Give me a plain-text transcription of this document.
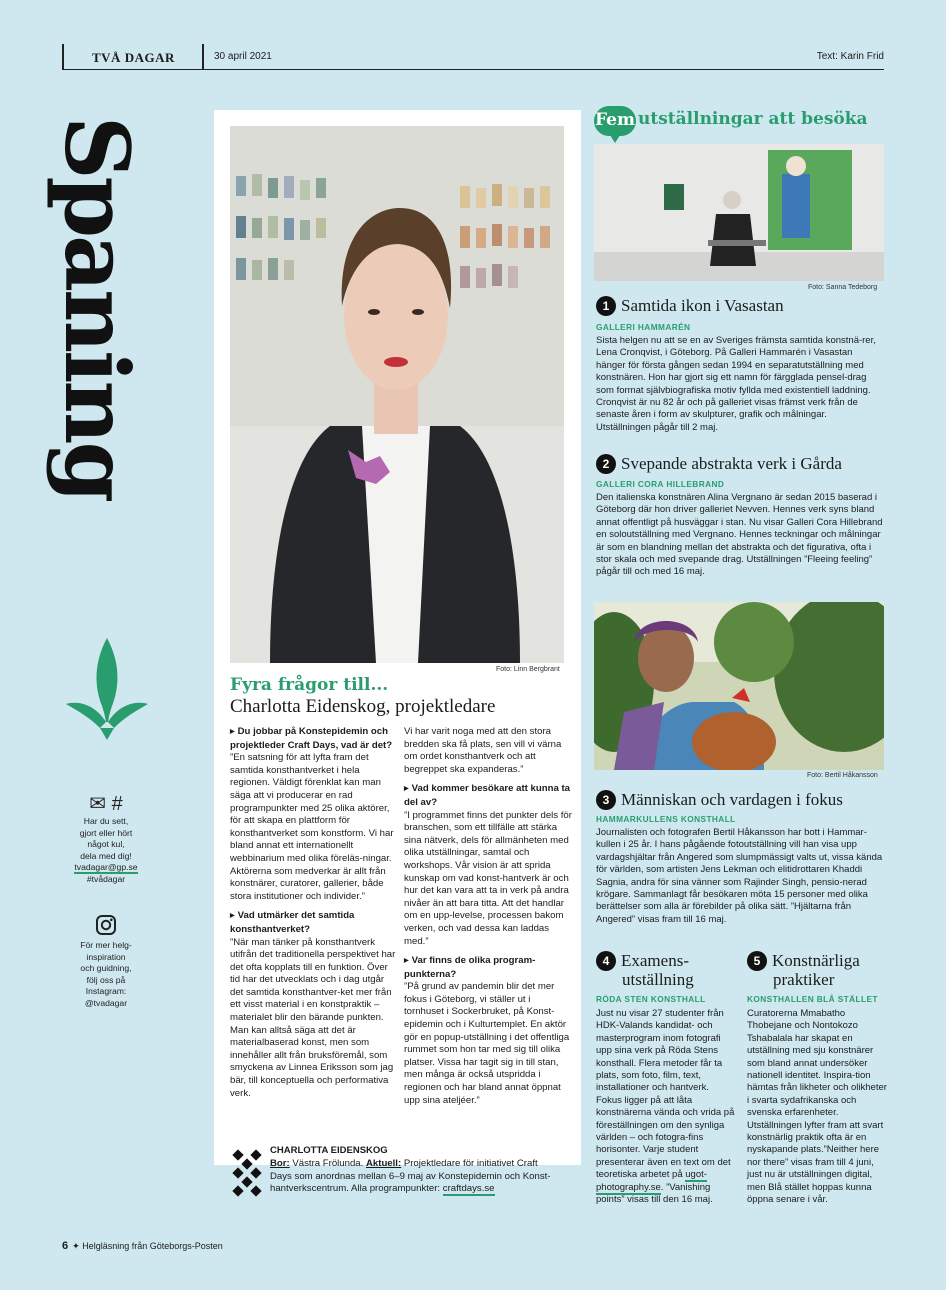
TVÅ DAGAR	30 april 2021	Text: Karin Frid
Spaning
✉ #
Har du sett,
gjort eller hört
något kul,
dela med dig!
tvadagar@gp.se
#tvådagar
För mer helg-
inspiration
och guidning,
följ oss på
Instagram:
@tvadagar
Foto: Linn Bergbrant
Fyra frågor till...
Charlotta Eidenskog, projektledare

▶ Du jobbar på Konstepidemin och projektleder Craft Days, vad är det?

”En satsning för att lyfta fram det samtida konsthantverket i hela regionen. Väldigt förenklat kan man säga att vi producerar en rad programpunkter med 25 olika aktörer, för att skapa en plattform för konsthantverket som konstform. Vi har bland annat ett internationellt webbinarium med olika föreläs-ningar. Aktörerna som medverkar är allt från konstnärer, curatorer, gallerier, både stora institutioner och individer.”

▶ Vad utmärker det samtida konsthantverket?

”När man tänker på konsthantverk utifrån det traditionella perspektivet har det ofta kopplats till en funktion. Över tid har det utvecklats och i dag utgår det samtida konsthantver-ket mer från ett visst material i en konstpraktik – materialet blir den bärande punkten. Man kan alltså säga att det är materialbaserad konst, men som innehåller allt från bruksföremål, som smyckena av Linnea Eriksson som jag bär, till konceptuella och performativa verk.

Vi har varit noga med att den stora bredden ska få plats, sen vill vi värna om ordet konsthantverk och att begreppet ska expanderas.”

▶ Vad kommer besökare att kunna ta del av?

”I programmet finns det punkter dels för branschen, som ett tillfälle att stärka sina nätverk, dels för allmänheten med olika utställningar, samtal och workshops. Vår vision är att sprida kunskap om vad konst-hantverk är och hur det kan vara att ta in verk på andra nivåer än att bara titta. Att det handlar om en upp-levelse, processen bakom verken, och vad dessa kan laddas med.”

▶ Var finns de olika program-punkterna?

”På grund av pandemin blir det mer fokus i Göteborg, vi ställer ut i tornhuset i Sockerbruket, på Konst-epidemin och i Kulturtemplet. En aktör gör en popup-utställning i det offentliga rummet som hon tar med sig till olika platser. Vissa har tagit sig in till stan, men många är också utspridda i regionen och har bland annat öppnat upp sina ateljéer.”

CHARLOTTA EIDENSKOG
Bor: Västra Frölunda. Aktuell: Projektledare för initiativet Craft Days som anordnas mellan 6–9 maj av Konstepidemin och Konst-hantverkscentrum. Alla programpunkter: craftdays.se
Fem utställningar att besöka
Foto: Sanna Tedeborg
1 Samtida ikon i Vasastan
GALLERI HAMMARÉN
Sista helgen nu att se en av Sveriges främsta samtida konstnä-rer, Lena Cronqvist, i Göteborg. På Galleri Hammarén i Vasastan hänger för första gången sedan 1994 en separatutställning med konstnären. Hon har gjort sig ett namn för färgglada pensel-drag som format självbiografiska motiv fyllda med existentiell laddning. Cronqvist är nu 82 år och på galleriet visas främst verk från de senaste åren i form av skulpturer, grafik och målningar. Utställningen pågår till 2 maj.
2 Svepande abstrakta verk i Gårda
GALLERI CORA HILLEBRAND
Den italienska konstnären Alina Vergnano är sedan 2015 baserad i Göteborg där hon driver galleriet Nevven. Hennes verk syns bland annat offentligt på husväggar i stan. Nu visar Galleri Cora Hillebrand en soloutställning med Vergnano. Hennes teckningar och målningar är som en blandning mellan det abstrakta och det figurativa, ofta i stor skala och med svepande drag. Utställningen ”Fleeing feeling” pågår till och med 16 maj.
Foto: Bertil Håkansson
3 Människan och vardagen i fokus
HAMMARKULLENS KONSTHALL
Journalisten och fotografen Bertil Håkansson har bott i Hammar-kullen i 25 år. I hans pågående fotoutställning vill han visa upp vardagshjältar från Angered som slumpmässigt valts ut, vissa kända för världen, som artisten Jens Lekman och elitidrottaren Khaddi Sagnia, andra för sina vänner som Rajinder Singh, pensio-nerad krögare. Sammanlagt får besökaren möta 15 personer med olika berättelser som alla är förebilder på olika sätt. ”Hjältarna från Angered” visas fram till 16 maj.
4 Examens-
utställning
RÖDA STEN KONSTHALL
Just nu visar 27 studenter från HDK-Valands kandidat- och masterprogram inom fotografi upp sina verk på Röda Stens konsthall. Flera metoder får ta plats, som foto, film, text, installationer och hantverk. Fokus ligger på att låta konstnärerna vända och vrida på föreställningen om den synliga världen – och fotogra-fins horisonter. Varje student presenterar även en text om det teoretiska arbetet på ugot-photography.se. ”Vanishing points” visas till den 16 maj.
5 Konstnärliga
praktiker
KONSTHALLEN BLÅ STÄLLET
Curatorerna Mmabatho Thobejane och Nontokozo Tshabalala har skapat en utställning med sju konstnärer som bland annat undersöker nationell identitet. Inspira-tion hämtas från likheter och olikheter i svarta sydafrikanska och svenska erfarenheter. Utställningen lyfter fram att svart konstnärlig praktik ofta är en nyskapande plats.”Neither here nor there” visas fram till 4 juni, just nu är utställningen digital, men Blå stället hoppas kunna öppna senare i vår.
6 ✦ Helgläsning från Göteborgs-Posten
